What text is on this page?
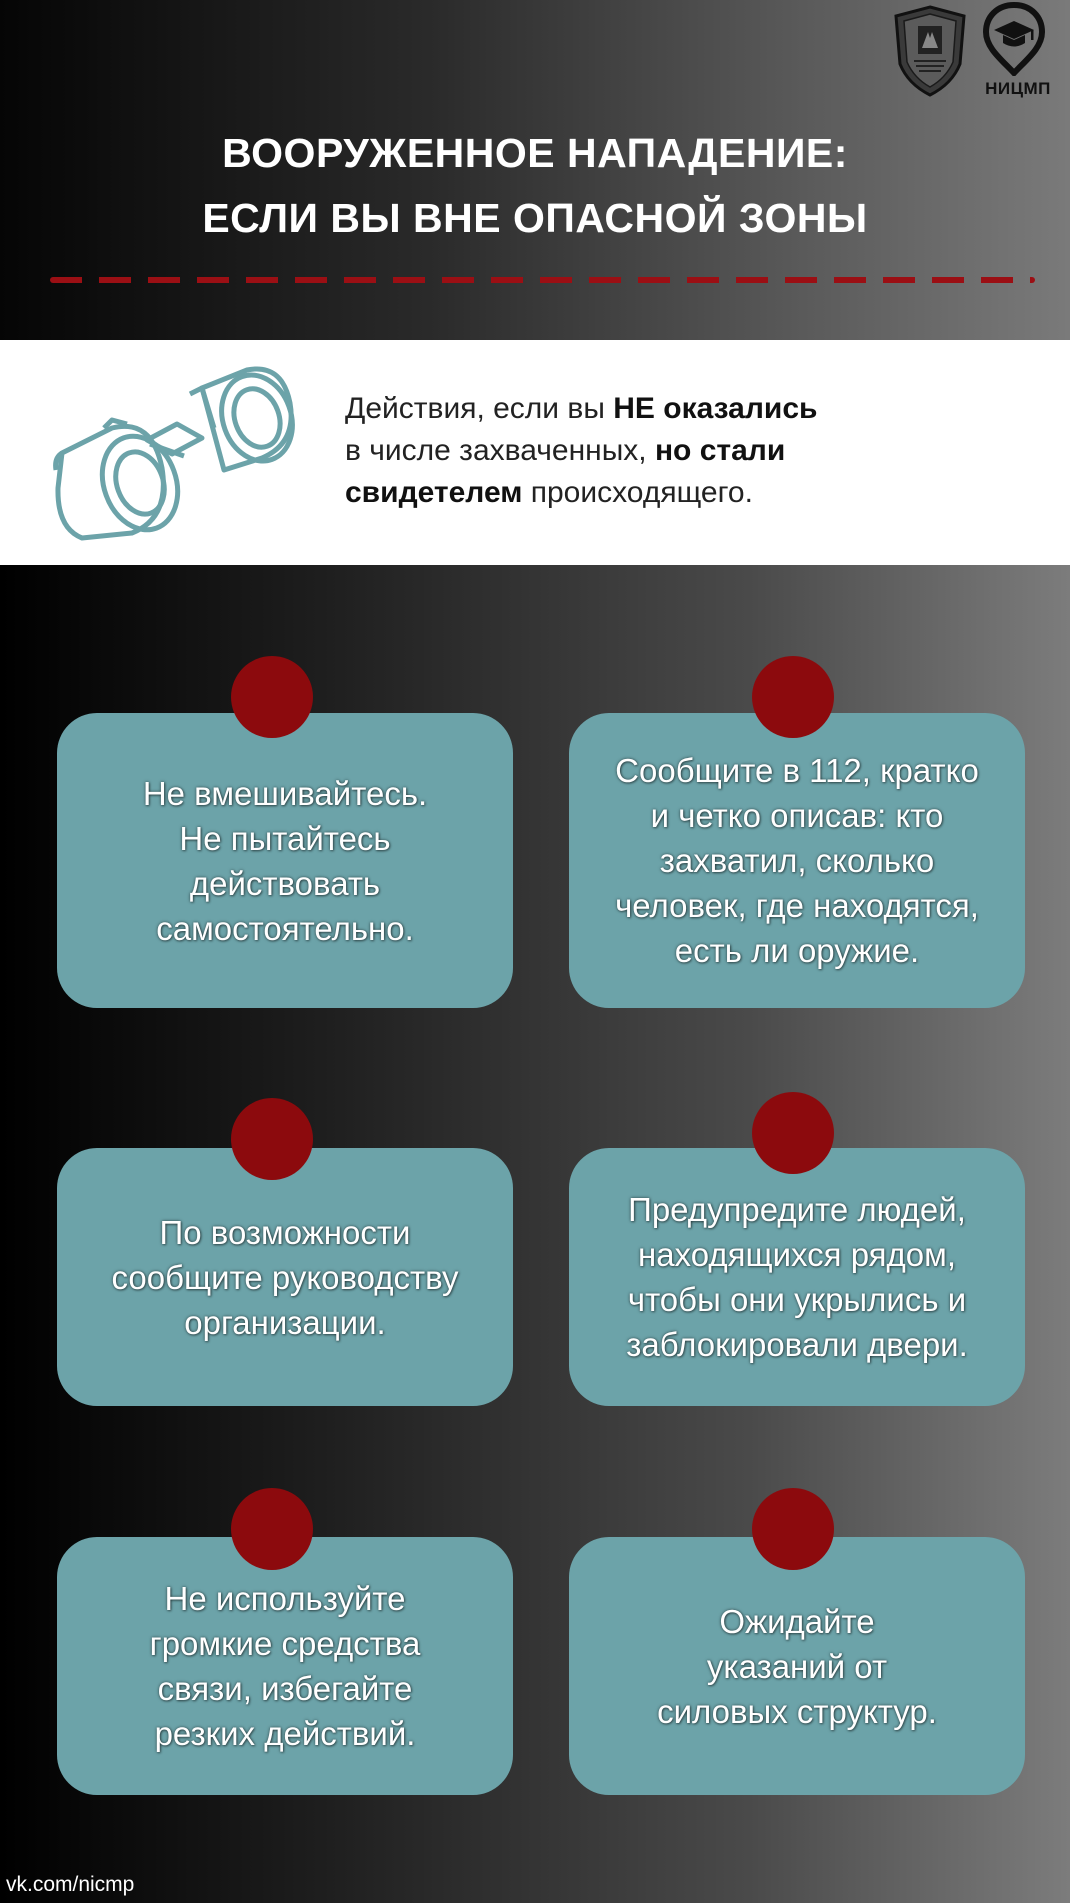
НИЦМП
ВООРУЖЕННОЕ НАПАДЕНИЕ:
ЕСЛИ ВЫ ВНЕ ОПАСНОЙ ЗОНЫ
Действия, если вы НЕ оказались
в числе захваченных, но стали
свидетелем происходящего.
Не вмешивайтесь.
Не пытайтесь
действовать
самостоятельно.
Сообщите в 112, кратко
и четко описав: кто
захватил, сколько
человек, где находятся,
есть ли оружие.
По возможности
сообщите руководству
организации.
Предупредите людей,
находящихся рядом,
чтобы они укрылись и
заблокировали двери.
Не используйте
громкие средства
связи, избегайте
резких действий.
Ожидайте
указаний от
силовых структур.
vk.com/nicmp
